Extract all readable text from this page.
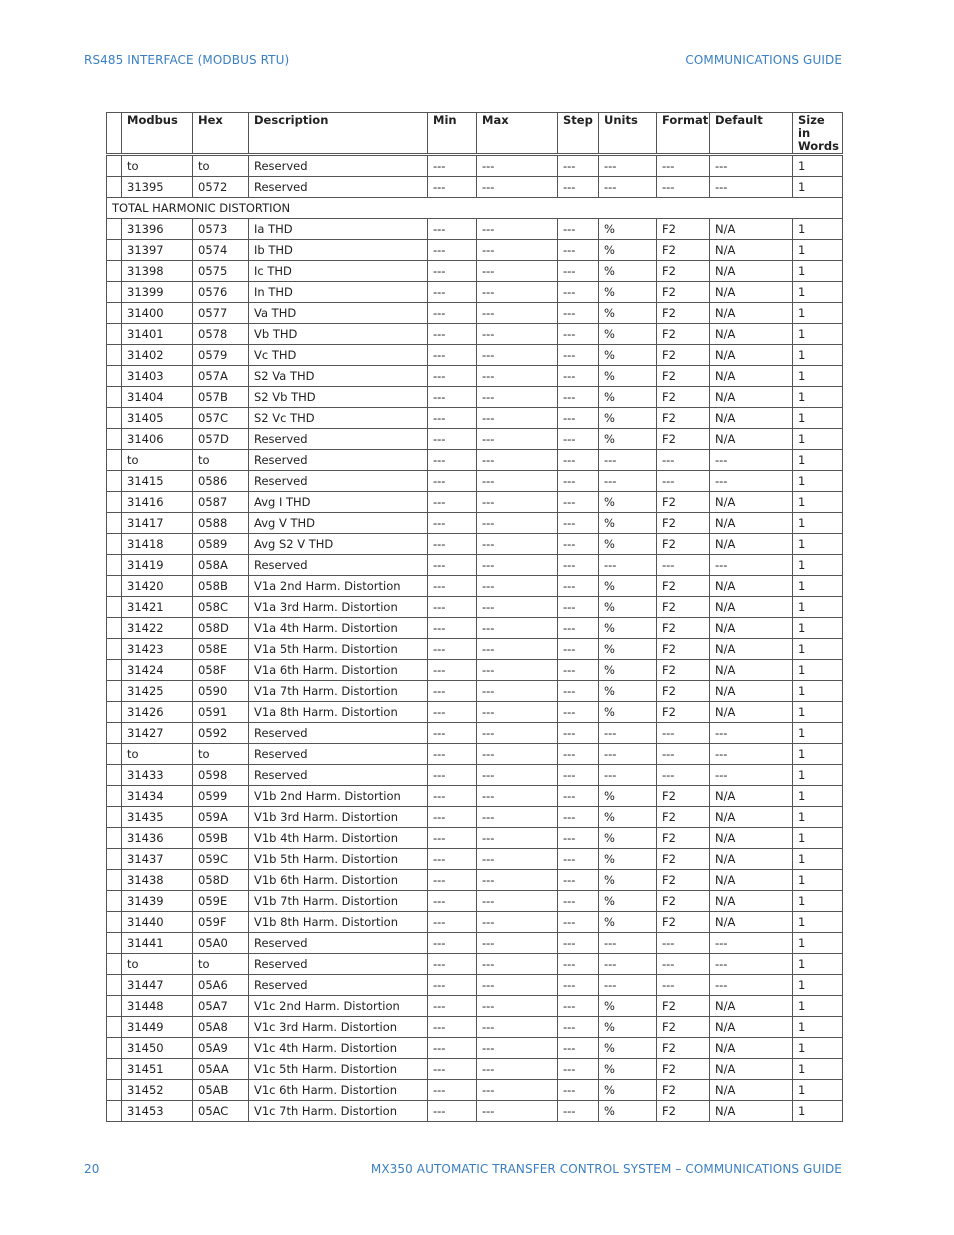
RS485 INTERFACE (MODBUS RTU)	COMMUNICATIONS GUIDE
	Modbus	Hex	Description	Min	Max	Step	Units	Format	Default	Size in Words
	to	to	Reserved	---	---	---	---	---	---	1
	31395	0572	Reserved	---	---	---	---	---	---	1
TOTAL HARMONIC DISTORTION										
	31396	0573	Ia THD	---	---	---	%	F2	N/A	1
	31397	0574	Ib THD	---	---	---	%	F2	N/A	1
	31398	0575	Ic THD	---	---	---	%	F2	N/A	1
	31399	0576	In THD	---	---	---	%	F2	N/A	1
	31400	0577	Va THD	---	---	---	%	F2	N/A	1
	31401	0578	Vb THD	---	---	---	%	F2	N/A	1
	31402	0579	Vc THD	---	---	---	%	F2	N/A	1
	31403	057A	S2 Va THD	---	---	---	%	F2	N/A	1
	31404	057B	S2 Vb THD	---	---	---	%	F2	N/A	1
	31405	057C	S2 Vc THD	---	---	---	%	F2	N/A	1
	31406	057D	Reserved	---	---	---	%	F2	N/A	1
	to	to	Reserved	---	---	---	---	---	---	1
	31415	0586	Reserved	---	---	---	---	---	---	1
	31416	0587	Avg I THD	---	---	---	%	F2	N/A	1
	31417	0588	Avg V THD	---	---	---	%	F2	N/A	1
	31418	0589	Avg S2 V THD	---	---	---	%	F2	N/A	1
	31419	058A	Reserved	---	---	---	---	---	---	1
	31420	058B	V1a 2nd Harm. Distortion	---	---	---	%	F2	N/A	1
	31421	058C	V1a 3rd Harm. Distortion	---	---	---	%	F2	N/A	1
	31422	058D	V1a 4th Harm. Distortion	---	---	---	%	F2	N/A	1
	31423	058E	V1a 5th Harm. Distortion	---	---	---	%	F2	N/A	1
	31424	058F	V1a 6th Harm. Distortion	---	---	---	%	F2	N/A	1
	31425	0590	V1a 7th Harm. Distortion	---	---	---	%	F2	N/A	1
	31426	0591	V1a 8th Harm. Distortion	---	---	---	%	F2	N/A	1
	31427	0592	Reserved	---	---	---	---	---	---	1
	to	to	Reserved	---	---	---	---	---	---	1
	31433	0598	Reserved	---	---	---	---	---	---	1
	31434	0599	V1b 2nd Harm. Distortion	---	---	---	%	F2	N/A	1
	31435	059A	V1b 3rd Harm. Distortion	---	---	---	%	F2	N/A	1
	31436	059B	V1b 4th Harm. Distortion	---	---	---	%	F2	N/A	1
	31437	059C	V1b 5th Harm. Distortion	---	---	---	%	F2	N/A	1
	31438	058D	V1b 6th Harm. Distortion	---	---	---	%	F2	N/A	1
	31439	059E	V1b 7th Harm. Distortion	---	---	---	%	F2	N/A	1
	31440	059F	V1b 8th Harm. Distortion	---	---	---	%	F2	N/A	1
	31441	05A0	Reserved	---	---	---	---	---	---	1
	to	to	Reserved	---	---	---	---	---	---	1
	31447	05A6	Reserved	---	---	---	---	---	---	1
	31448	05A7	V1c 2nd Harm. Distortion	---	---	---	%	F2	N/A	1
	31449	05A8	V1c 3rd Harm. Distortion	---	---	---	%	F2	N/A	1
	31450	05A9	V1c 4th Harm. Distortion	---	---	---	%	F2	N/A	1
	31451	05AA	V1c 5th Harm. Distortion	---	---	---	%	F2	N/A	1
	31452	05AB	V1c 6th Harm. Distortion	---	---	---	%	F2	N/A	1
	31453	05AC	V1c 7th Harm. Distortion	---	---	---	%	F2	N/A	1
20	MX350 AUTOMATIC TRANSFER CONTROL SYSTEM – COMMUNICATIONS GUIDE
